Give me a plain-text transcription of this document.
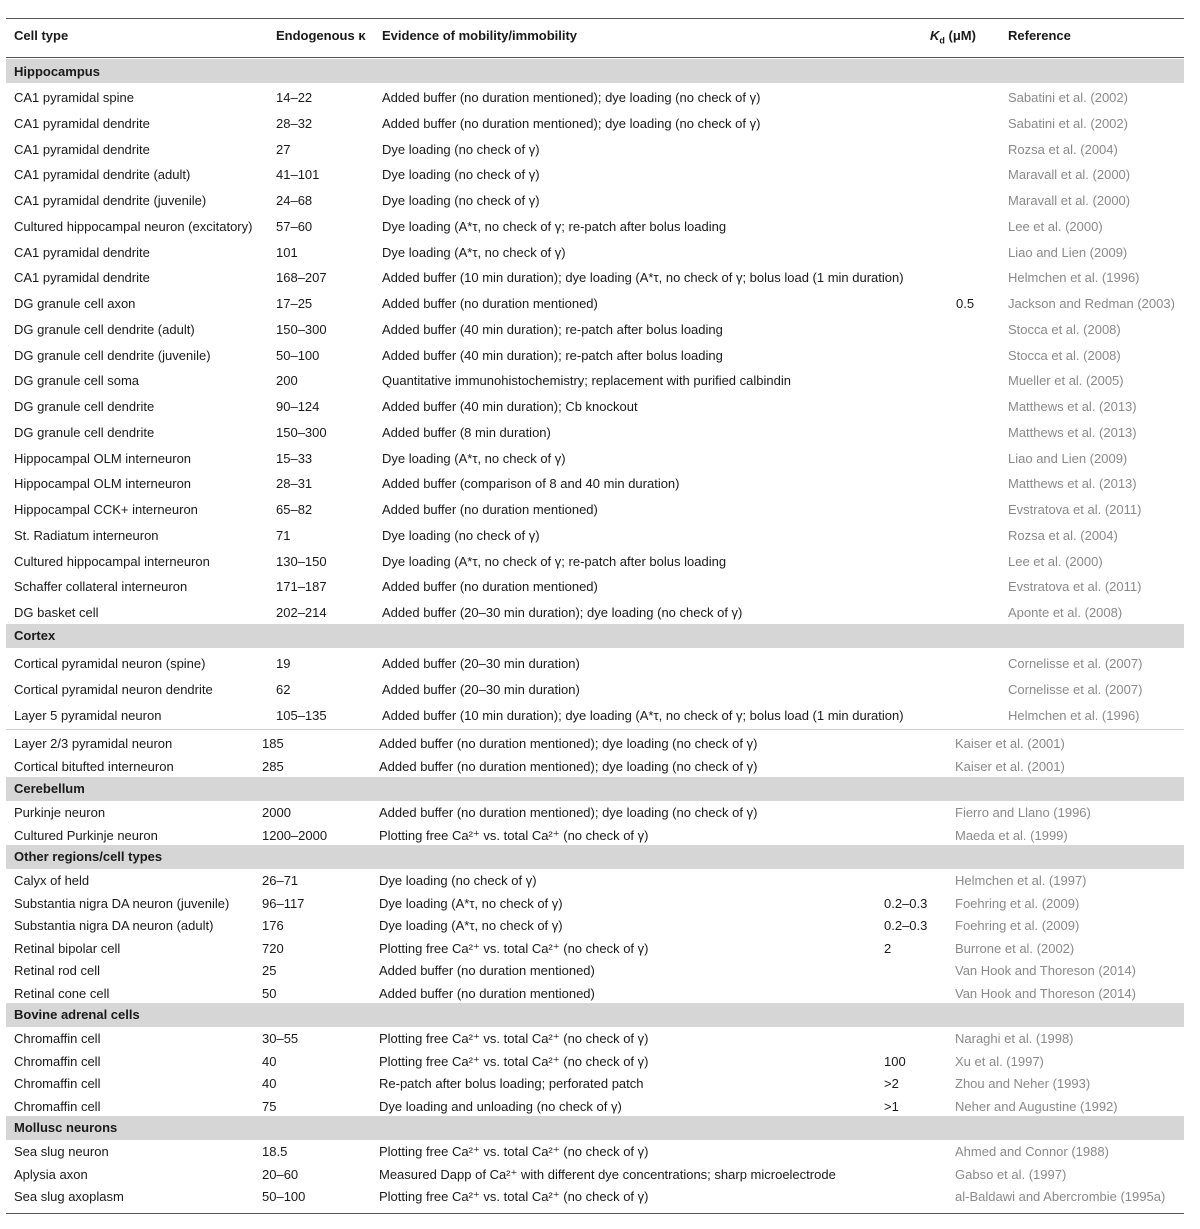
Cell type	Endogenous κ Evidence of mobility/immobility	$K_d$ (μM) Reference
Hippocampus
CA1 pyramidal spine	14–22	Added buffer (no duration mentioned); dye loading (no check of γ)	Sabatini et al. (2002)
CA1 pyramidal dendrite	28–32	Added buffer (no duration mentioned); dye loading (no check of γ)	Sabatini et al. (2002)
CA1 pyramidal dendrite	27	Dye loading (no check of γ)	Rozsa et al. (2004)
CA1 pyramidal dendrite (adult)	41–101	Dye loading (no check of γ)	Maravall et al. (2000)
CA1 pyramidal dendrite (juvenile)	24–68	Dye loading (no check of γ)	Maravall et al. (2000)
Cultured hippocampal neuron (excitatory) 57–60	Dye loading (A*τ, no check of γ; re-patch after bolus loading	Lee et al. (2000)
CA1 pyramidal dendrite	101	Dye loading (A*τ, no check of γ)	Liao and Lien (2009)
CA1 pyramidal dendrite	168–207	Added buffer (10 min duration); dye loading (A*τ, no check of γ; bolus load (1 min duration)	Helmchen et al. (1996)
DG granule cell axon	17–25	Added buffer (no duration mentioned)	0.5	Jackson and Redman (2003)
DG granule cell dendrite (adult)	150–300	Added buffer (40 min duration); re-patch after bolus loading	Stocca et al. (2008)
DG granule cell dendrite (juvenile)	50–100	Added buffer (40 min duration); re-patch after bolus loading	Stocca et al. (2008)
DG granule cell soma	200	Quantitative immunohistochemistry; replacement with purified calbindin	Mueller et al. (2005)
DG granule cell dendrite	90–124	Added buffer (40 min duration); Cb knockout	Matthews et al. (2013)
DG granule cell dendrite	150–300	Added buffer (8 min duration)	Matthews et al. (2013)
Hippocampal OLM interneuron	15–33	Dye loading (A*τ, no check of γ)	Liao and Lien (2009)
Hippocampal OLM interneuron	28–31	Added buffer (comparison of 8 and 40 min duration)	Matthews et al. (2013)
Hippocampal CCK+ interneuron	65–82	Added buffer (no duration mentioned)	Evstratova et al. (2011)
St. Radiatum interneuron	71	Dye loading (no check of γ)	Rozsa et al. (2004)
Cultured hippocampal interneuron	130–150	Dye loading (A*τ, no check of γ; re-patch after bolus loading	Lee et al. (2000)
Schaffer collateral interneuron	171–187	Added buffer (no duration mentioned)	Evstratova et al. (2011)
DG basket cell	202–214	Added buffer (20–30 min duration); dye loading (no check of γ)	Aponte et al. (2008)
Cortex
Cortical pyramidal neuron (spine)	19	Added buffer (20–30 min duration)	Cornelisse et al. (2007)
Cortical pyramidal neuron dendrite	62	Added buffer (20–30 min duration)	Cornelisse et al. (2007)
Layer 5 pyramidal neuron	105–135	Added buffer (10 min duration); dye loading (A*τ, no check of γ; bolus load (1 min duration)	Helmchen et al. (1996)
Layer 2/3 pyramidal neuron	185	Added buffer (no duration mentioned); dye loading (no check of γ)	Kaiser et al. (2001)
Cortical bitufted interneuron	285	Added buffer (no duration mentioned); dye loading (no check of γ)	Kaiser et al. (2001)
Cerebellum
Purkinje neuron	2000	Added buffer (no duration mentioned); dye loading (no check of γ)	Fierro and Llano (1996)
Cultured Purkinje neuron	1200–2000	Plotting free Ca²⁺ vs. total Ca²⁺ (no check of γ)	Maeda et al. (1999)
Other regions/cell types
Calyx of held	26–71	Dye loading (no check of γ)	Helmchen et al. (1997)
Substantia nigra DA neuron (juvenile)	96–117	Dye loading (A*τ, no check of γ)	0.2–0.3 Foehring et al. (2009)
Substantia nigra DA neuron (adult)	176	Dye loading (A*τ, no check of γ)	0.2–0.3 Foehring et al. (2009)
Retinal bipolar cell	720	Plotting free Ca²⁺ vs. total Ca²⁺ (no check of γ)	2	Burrone et al. (2002)
Retinal rod cell	25	Added buffer (no duration mentioned)	Van Hook and Thoreson (2014)
Retinal cone cell	50	Added buffer (no duration mentioned)	Van Hook and Thoreson (2014)
Bovine adrenal cells
Chromaffin cell	30–55	Plotting free Ca²⁺ vs. total Ca²⁺ (no check of γ)	Naraghi et al. (1998)
Chromaffin cell	40	Plotting free Ca²⁺ vs. total Ca²⁺ (no check of γ)	100	Xu et al. (1997)
Chromaffin cell	40	Re-patch after bolus loading; perforated patch	>2	Zhou and Neher (1993)
Chromaffin cell	75	Dye loading and unloading (no check of γ)	>1	Neher and Augustine (1992)
Mollusc neurons
Sea slug neuron	18.5	Plotting free Ca²⁺ vs. total Ca²⁺ (no check of γ)	Ahmed and Connor (1988)
Aplysia axon	20–60	Measured Dapp of Ca²⁺ with different dye concentrations; sharp microelectrode	Gabso et al. (1997)
Sea slug axoplasm	50–100	Plotting free Ca²⁺ vs. total Ca²⁺ (no check of γ)	al-Baldawi and Abercrombie (1995a)
